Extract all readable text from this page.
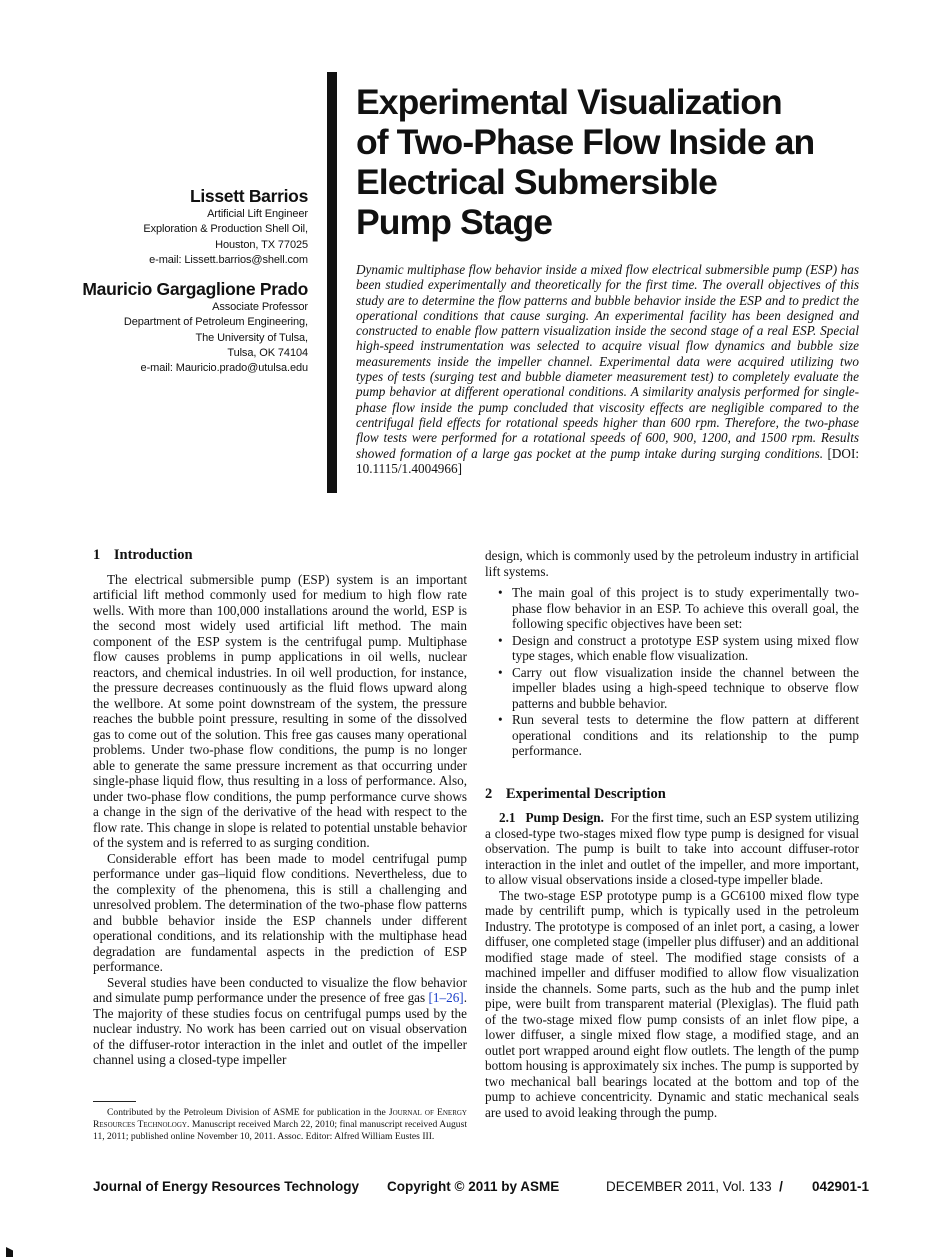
Lissett Barrios
Artificial Lift Engineer
Exploration & Production Shell Oil,
Houston, TX 77025
e-mail: Lissett.barrios@shell.com
Mauricio Gargaglione Prado
Associate Professor
Department of Petroleum Engineering,
The University of Tulsa,
Tulsa, OK 74104
e-mail: Mauricio.prado@utulsa.edu
Experimental Visualization
of Two-Phase Flow Inside an
Electrical Submersible
Pump Stage
Dynamic multiphase flow behavior inside a mixed flow electrical submersible pump (ESP) has been studied experimentally and theoretically for the first time. The overall objectives of this study are to determine the flow patterns and bubble behavior inside the ESP and to predict the operational conditions that cause surging. An experimental facility has been designed and constructed to enable flow pattern visualization inside the second stage of a real ESP. Special high-speed instrumentation was selected to acquire visual flow dynamics and bubble size measurements inside the impeller channel. Experimental data were acquired utilizing two types of tests (surging test and bubble diameter measurement test) to completely evaluate the pump behavior at different operational conditions. A similarity analysis performed for single-phase flow inside the pump concluded that viscosity effects are negligible compared to the centrifugal field effects for rotational speeds higher than 600 rpm. Therefore, the two-phase flow tests were performed for a rotational speeds of 600, 900, 1200, and 1500 rpm. Results showed formation of a large gas pocket at the pump intake during surging conditions. [DOI: 10.1115/1.4004966]
1 Introduction

The electrical submersible pump (ESP) system is an important artificial lift method commonly used for medium to high flow rate wells. With more than 100,000 installations around the world, ESP is the second most widely used artificial lift method. The main component of the ESP system is the centrifugal pump. Multiphase flow causes problems in pump applications in oil wells, nuclear reactors, and chemical industries. In oil well production, for instance, the pressure decreases continuously as the fluid flows upward along the wellbore. At some point downstream of the system, the pressure reaches the bubble point pressure, resulting in some of the dissolved gas to come out of the solution. This free gas causes many operational problems. Under two-phase flow conditions, the pump is no longer able to generate the same pressure increment as that occurring under single-phase liquid flow, thus resulting in a loss of performance. Also, under two-phase flow conditions, the pump performance curve shows a change in the sign of the derivative of the head with respect to the flow rate. This change in slope is related to potential unstable behavior of the system and is referred to as surging condition.

Considerable effort has been made to model centrifugal pump performance under gas–liquid flow conditions. Nevertheless, due to the complexity of the phenomena, this is still a challenging and unresolved problem. The determination of the two-phase flow patterns and bubble behavior inside the ESP channels under different operational conditions, and its relationship with the multiphase head degradation are fundamental aspects in the prediction of ESP performance.

Several studies have been conducted to visualize the flow behavior and simulate pump performance under the presence of free gas [1–26]. The majority of these studies focus on centrifugal pumps used by the nuclear industry. No work has been carried out on visual observation of the diffuser-rotor interaction in the inlet and outlet of the impeller channel using a closed-type impeller

Contributed by the Petroleum Division of ASME for publication in the Journal of Energy Resources Technology. Manuscript received March 22, 2010; final manuscript received August 11, 2011; published online November 10, 2011. Assoc. Editor: Alfred William Eustes III.

design, which is commonly used by the petroleum industry in artificial lift systems.

• The main goal of this project is to study experimentally two-phase flow behavior in an ESP. To achieve this overall goal, the following specific objectives have been set:
• Design and construct a prototype ESP system using mixed flow type stages, which enable flow visualization.
• Carry out flow visualization inside the channel between the impeller blades using a high-speed technique to observe flow patterns and bubble behavior.
• Run several tests to determine the flow pattern at different operational conditions and its relationship to the pump performance.
2 Experimental Description

2.1 Pump Design. For the first time, such an ESP system utilizing a closed-type two-stages mixed flow type pump is designed for visual observation. The pump is built to take into account diffuser-rotor interaction in the inlet and outlet of the impeller, and more important, to allow visual observations inside a closed-type impeller blade.

The two-stage ESP prototype pump is a GC6100 mixed flow type made by centrilift pump, which is typically used in the petroleum Industry. The prototype is composed of an inlet port, a casing, a lower diffuser, one completed stage (impeller plus diffuser) and an additional modified stage made of steel. The modified stage consists of a machined impeller and diffuser modified to allow flow visualization inside the channels. Some parts, such as the hub and the pump inlet pipe, were built from transparent material (Plexiglas). The fluid path of the two-stage mixed flow pump consists of an inlet flow pipe, a lower diffuser, a single mixed flow stage, a modified stage, and an outlet port wrapped around eight flow outlets. The length of the pump bottom housing is approximately six inches. The pump is supported by two mechanical ball bearings located at the bottom and top of the pump to achieve concentricity. Dynamic and static mechanical seals are used to avoid leaking through the pump.

Journal of Energy Resources Technology Copyright © 2011 by ASME	DECEMBER 2011, Vol. 133 / 042901-1
